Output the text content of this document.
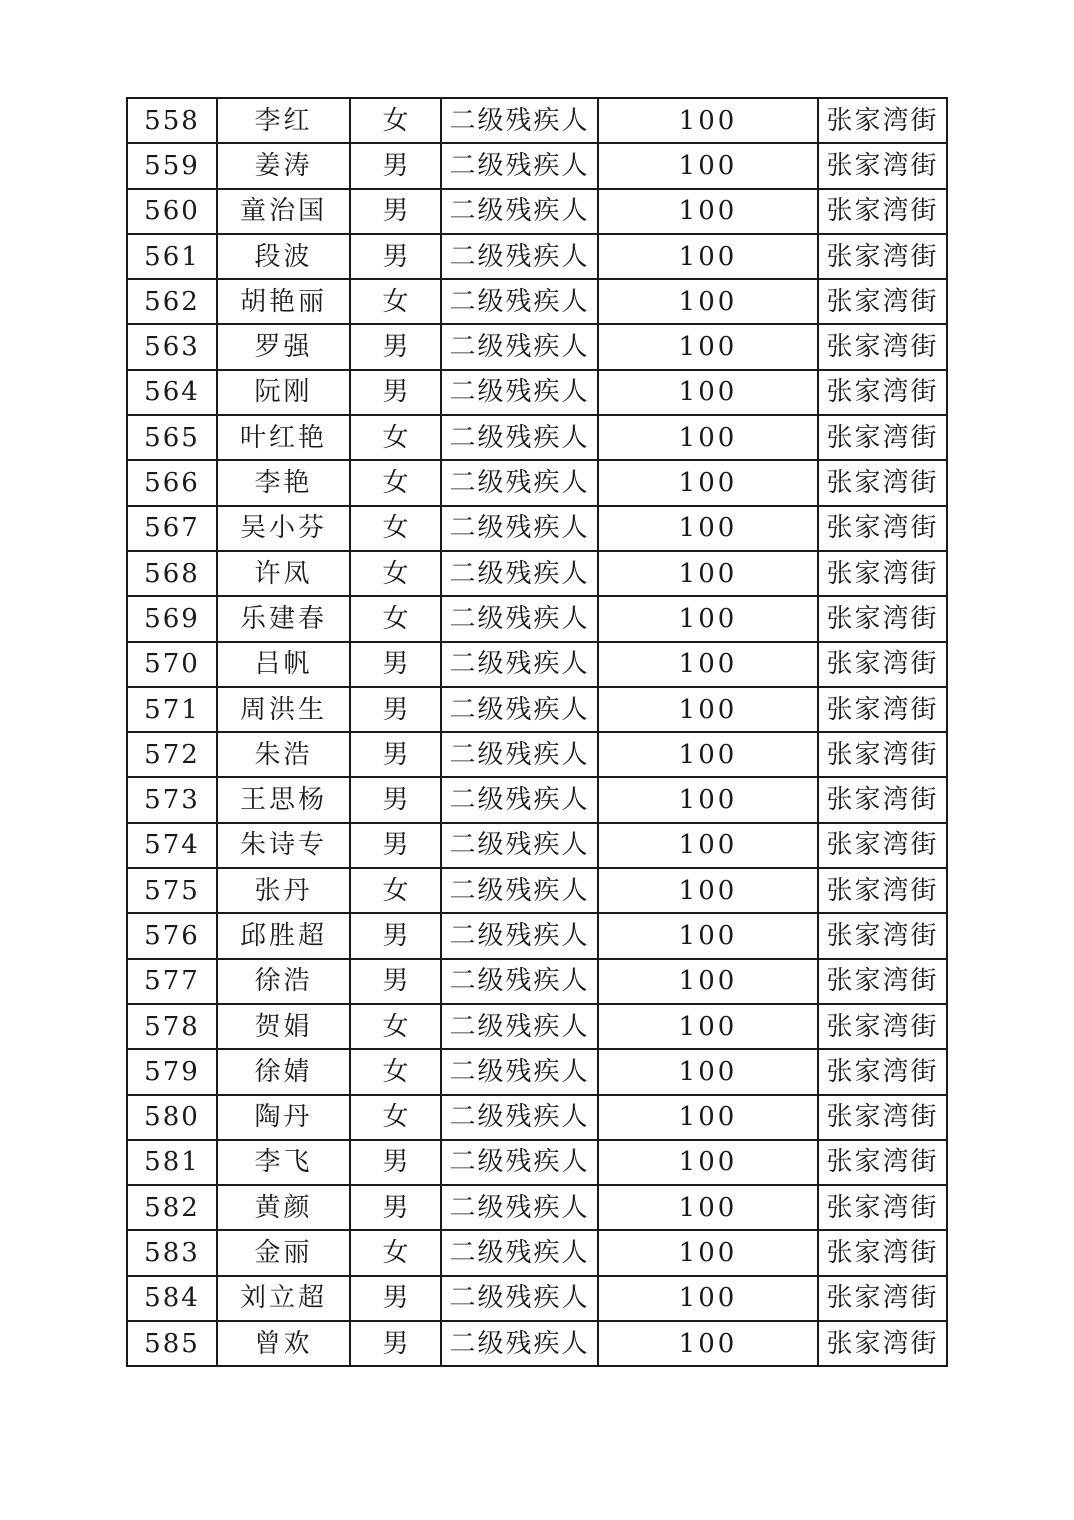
558	李红	女	二级残疾人	100	张家湾街
559	姜涛	男	二级残疾人	100	张家湾街
560	童治国	男	二级残疾人	100	张家湾街
561	段波	男	二级残疾人	100	张家湾街
562	胡艳丽	女	二级残疾人	100	张家湾街
563	罗强	男	二级残疾人	100	张家湾街
564	阮刚	男	二级残疾人	100	张家湾街
565	叶红艳	女	二级残疾人	100	张家湾街
566	李艳	女	二级残疾人	100	张家湾街
567	吴小芬	女	二级残疾人	100	张家湾街
568	许凤	女	二级残疾人	100	张家湾街
569	乐建春	女	二级残疾人	100	张家湾街
570	吕帆	男	二级残疾人	100	张家湾街
571	周洪生	男	二级残疾人	100	张家湾街
572	朱浩	男	二级残疾人	100	张家湾街
573	王思杨	男	二级残疾人	100	张家湾街
574	朱诗专	男	二级残疾人	100	张家湾街
575	张丹	女	二级残疾人	100	张家湾街
576	邱胜超	男	二级残疾人	100	张家湾街
577	徐浩	男	二级残疾人	100	张家湾街
578	贺娟	女	二级残疾人	100	张家湾街
579	徐婧	女	二级残疾人	100	张家湾街
580	陶丹	女	二级残疾人	100	张家湾街
581	李飞	男	二级残疾人	100	张家湾街
582	黄颜	男	二级残疾人	100	张家湾街
583	金丽	女	二级残疾人	100	张家湾街
584	刘立超	男	二级残疾人	100	张家湾街
585	曾欢	男	二级残疾人	100	张家湾街
